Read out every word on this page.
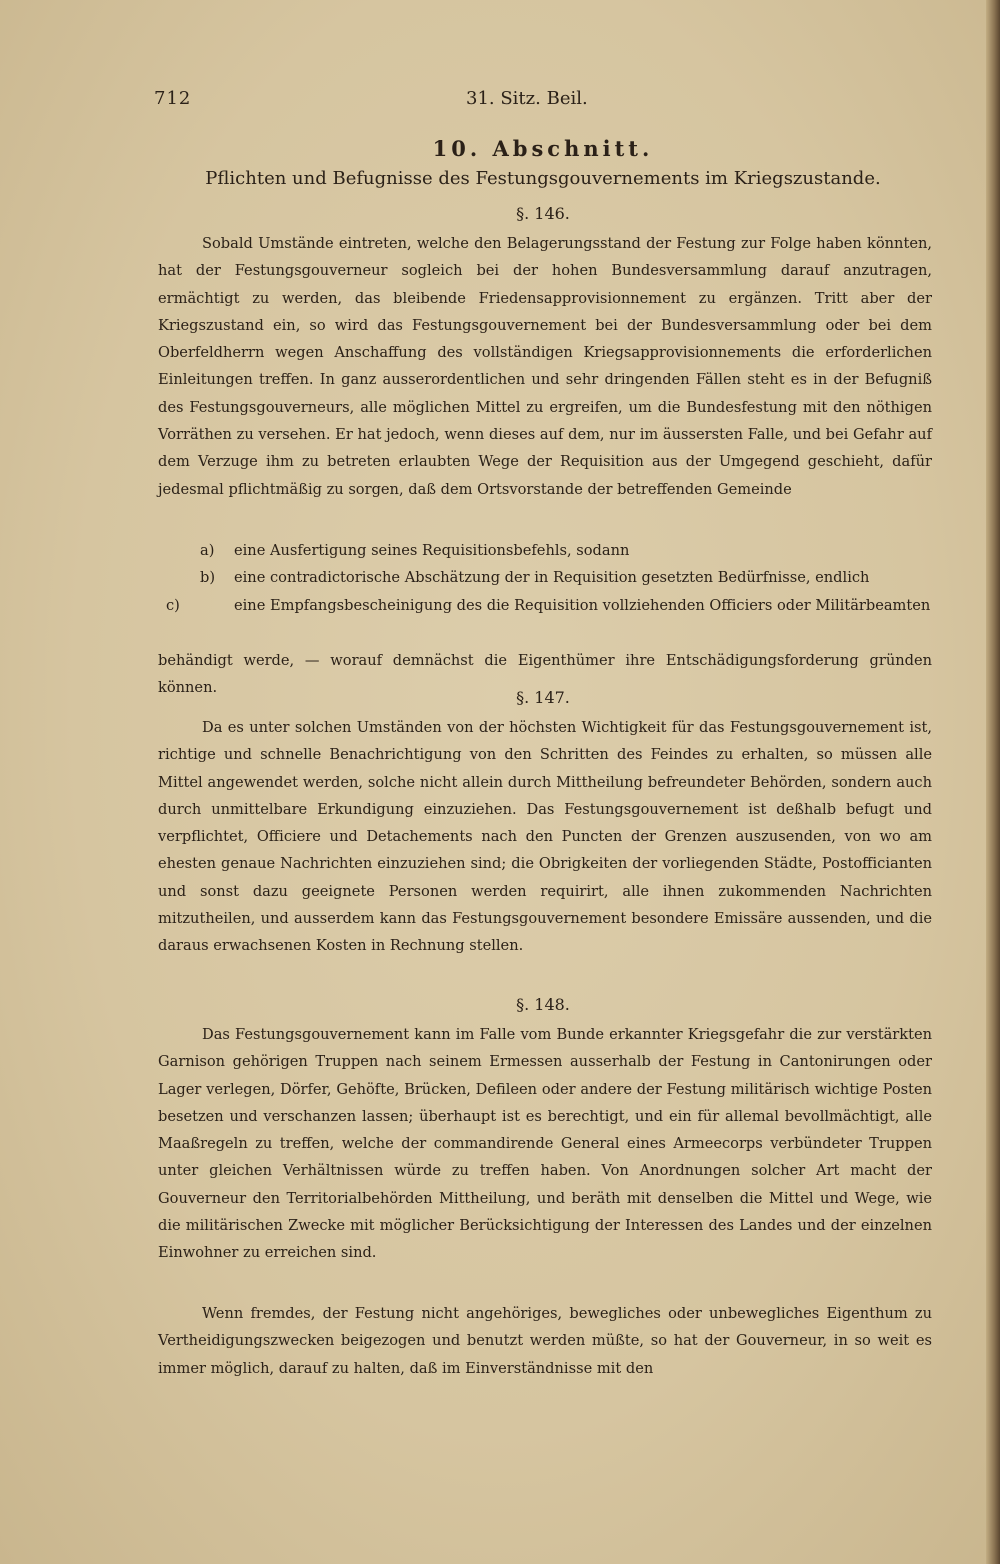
712	31. Sitz. Beil.
10. Abschnitt.
Pflichten und Befugnisse des Festungsgouvernements im Kriegszustande.
§. 146.

Sobald Umstände eintreten, welche den Belagerungsstand der Festung zur Folge haben könnten, hat der Festungsgouverneur sogleich bei der hohen Bundesversammlung darauf anzutragen, ermächtigt zu werden, das bleibende Friedensapprovisionnement zu ergänzen. Tritt aber der Kriegszustand ein, so wird das Festungsgouvernement bei der Bundesversammlung oder bei dem Oberfeldherrn wegen Anschaffung des vollständigen Kriegsapprovisionnements die erforderlichen Einleitungen treffen. In ganz ausserordentlichen und sehr dringenden Fällen steht es in der Befugniß des Festungsgouverneurs, alle möglichen Mittel zu ergreifen, um die Bundesfestung mit den nöthigen Vorräthen zu versehen. Er hat jedoch, wenn dieses auf dem, nur im äussersten Falle, und bei Gefahr auf dem Verzuge ihm zu betreten erlaubten Wege der Requisition aus der Umgegend geschieht, dafür jedesmal pflichtmäßig zu sorgen, daß dem Ortsvorstande der betreffenden Gemeinde

a) eine Ausfertigung seines Requisitionsbefehls, sodann

b) eine contradictorische Abschätzung der in Requisition gesetzten Bedürfnisse, endlich

c)	eine Empfangsbescheinigung des die Requisition vollziehenden Officiers oder Militärbeamten

behändigt werde, — worauf demnächst die Eigenthümer ihre Entschädigungsforderung gründen können.

§. 147.

Da es unter solchen Umständen von der höchsten Wichtigkeit für das Festungsgouvernement ist, richtige und schnelle Benachrichtigung von den Schritten des Feindes zu erhalten, so müssen alle Mittel angewendet werden, solche nicht allein durch Mittheilung befreundeter Behörden, sondern auch durch unmittelbare Erkundigung einzuziehen. Das Festungsgouvernement ist deßhalb befugt und verpflichtet, Officiere und Detachements nach den Puncten der Grenzen auszusenden, von wo am ehesten genaue Nachrichten einzuziehen sind; die Obrigkeiten der vorliegenden Städte, Postofficianten und sonst dazu geeignete Personen werden requirirt, alle ihnen zukommenden Nachrichten mitzutheilen, und ausserdem kann das Festungsgouvernement besondere Emissäre aussenden, und die daraus erwachsenen Kosten in Rechnung stellen.

§. 148.

Das Festungsgouvernement kann im Falle vom Bunde erkannter Kriegsgefahr die zur verstärkten Garnison gehörigen Truppen nach seinem Ermessen ausserhalb der Festung in Cantonirungen oder Lager verlegen, Dörfer, Gehöfte, Brücken, Defileen oder andere der Festung militärisch wichtige Posten besetzen und verschanzen lassen; überhaupt ist es berechtigt, und ein für allemal bevollmächtigt, alle Maaßregeln zu treffen, welche der commandirende General eines Armeecorps verbündeter Truppen unter gleichen Verhältnissen würde zu treffen haben. Von Anordnungen solcher Art macht der Gouverneur den Territorialbehörden Mittheilung, und beräth mit denselben die Mittel und Wege, wie die militärischen Zwecke mit möglicher Berücksichtigung der Interessen des Landes und der einzelnen Einwohner zu erreichen sind.

Wenn fremdes, der Festung nicht angehöriges, bewegliches oder unbewegliches Eigenthum zu Vertheidigungszwecken beigezogen und benutzt werden müßte, so hat der Gouverneur, in so weit es immer möglich, darauf zu halten, daß im Einverständnisse mit den
